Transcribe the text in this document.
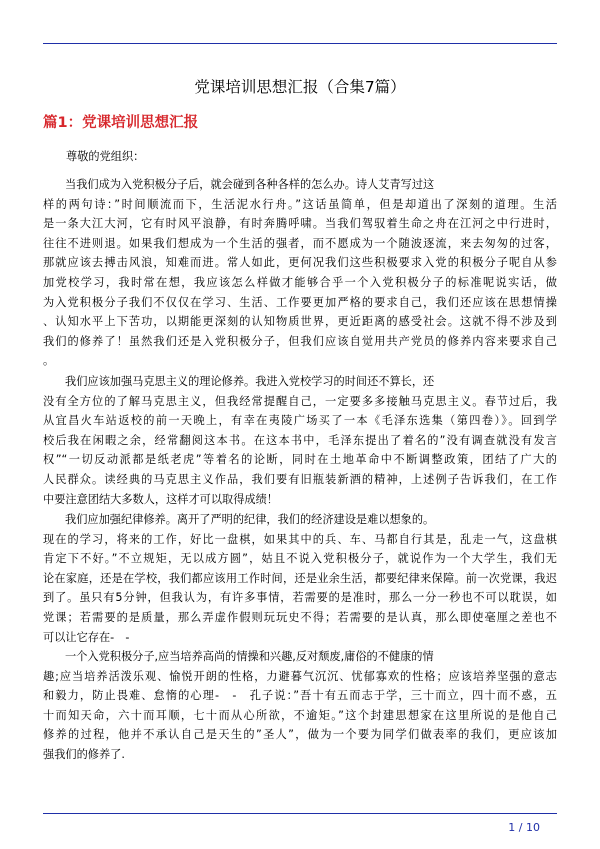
党课培训思想汇报（合集7篇）
篇1：党课培训思想汇报
尊敬的党组织：
当我们成为入党积极分子后，就会碰到各种各样的怎么办。诗人艾青写过这
样的两句诗：”时间顺流而下，生活泥水行舟。”这话虽简单，但是却道出了深刻的道理。生活
是一条大江大河，它有时风平浪静，有时奔腾呼啸。当我们驾驭着生命之舟在江河之中行进时，
往往不进则退。如果我们想成为一个生活的强者，而不愿成为一个随波逐流，来去匆匆的过客，
那就应该去搏击风浪，知难而进。常人如此，更何况我们这些积极要求入党的积极分子呢自从参
加党校学习，我时常在想，我应该怎么样做才能够合乎一个入党积极分子的标准呢说实话，做
为入党积极分子我们不仅仅在学习、生活、工作要更加严格的要求自己，我们还应该在思想情操
、认知水平上下苦功，以期能更深刻的认知物质世界，更近距离的感受社会。这就不得不涉及到
我们的修养了！虽然我们还是入党积极分子，但我们应该自觉用共产党员的修养内容来要求自己
。
我们应该加强马克思主义的理论修养。我进入党校学习的时间还不算长，还
没有全方位的了解马克思主义，但我经常提醒自己，一定要多多接触马克思主义。春节过后，我
从宜昌火车站返校的前一天晚上，有幸在夷陵广场买了一本《毛泽东选集（第四卷）》。回到学
校后我在闲暇之余，经常翻阅这本书。在这本书中，毛泽东提出了着名的”没有调查就没有发言
权”“一切反动派都是纸老虎”等着名的论断，同时在土地革命中不断调整政策，团结了广大的
人民群众。读经典的马克思主义作品，我们要有旧瓶装新酒的精神，上述例子告诉我们，在工作
中要注意团结大多数人，这样才可以取得成绩！
我们应加强纪律修养。离开了严明的纪律，我们的经济建设是难以想象的。
现在的学习，将来的工作，好比一盘棋，如果其中的兵、车、马都自行其是，乱走一气，这盘棋
肯定下不好。”不立规矩，无以成方圆”，姑且不说入党积极分子，就说作为一个大学生，我们无
论在家庭，还是在学校，我们都应该用工作时间，还是业余生活，都要纪律来保障。前一次党课，我迟
到了。虽只有5分钟，但我认为，有许多事情，若需要的是准时，那么一分一秒也不可以耽误，如
党课；若需要的是质量，那么弄虚作假则玩玩史不得；若需要的是认真，那么即使毫厘之差也不
可以让它存在-　-
一个入党积极分子,应当培养高尚的情操和兴趣,反对颓废,庸俗的不健康的情
趣;应当培养活泼乐观、愉悦开朗的性格，力避暮气沉沉、忧郁寡欢的性格；应该培养坚强的意志
和毅力，防止畏难、怠惰的心理-　-　孔子说：”吾十有五而志于学，三十而立，四十而不惑，五
十而知天命，六十而耳顺，七十而从心所欲，不逾矩。”这个封建思想家在这里所说的是他自己
修养的过程，他并不承认自己是天生的”圣人”，做为一个要为同学们做表率的我们，更应该加
强我们的修养了.
1 / 10
